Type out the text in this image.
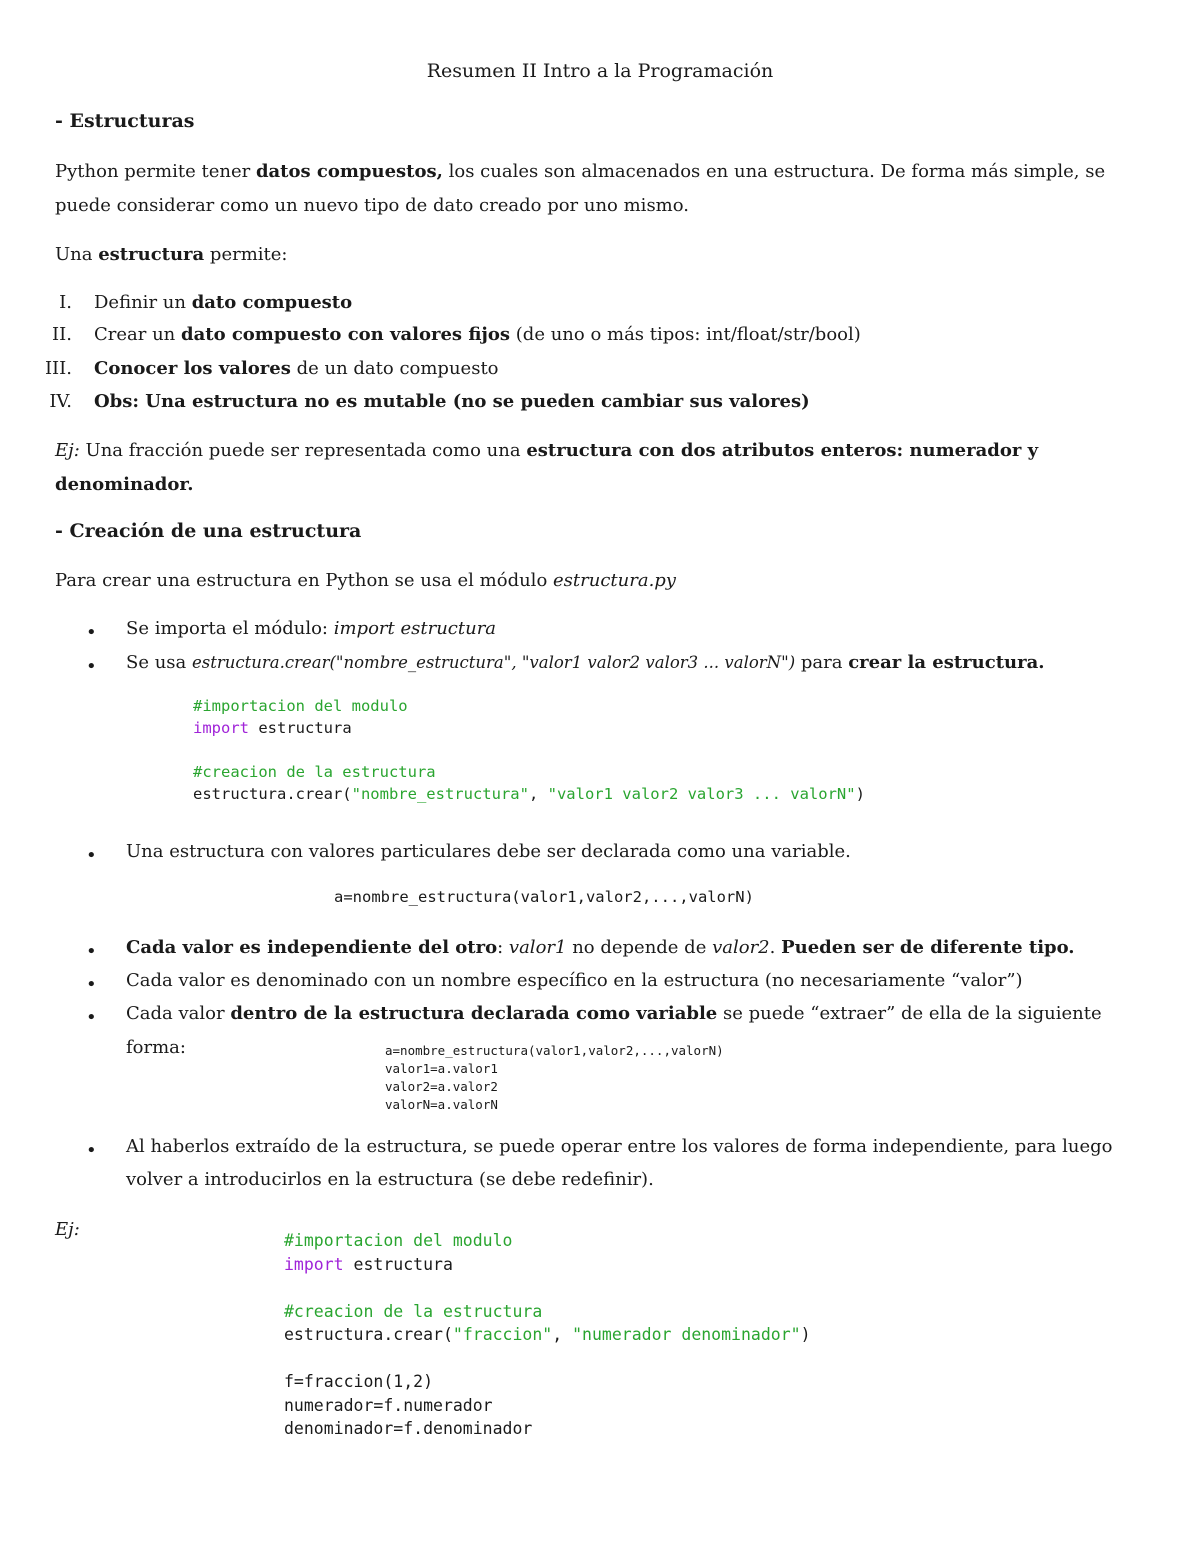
Resumen II Intro a la Programación
- Estructuras
Python permite tener datos compuestos, los cuales son almacenados en una estructura. De forma más simple, se
puede considerar como un nuevo tipo de dato creado por uno mismo.
Una estructura permite:
I. Definir un dato compuesto
II. Crear un dato compuesto con valores fijos (de uno o más tipos: int/float/str/bool)
III. Conocer los valores de un dato compuesto
IV. Obs: Una estructura no es mutable (no se pueden cambiar sus valores)
Ej: Una fracción puede ser representada como una estructura con dos atributos enteros: numerador y
denominador.
- Creación de una estructura
Para crear una estructura en Python se usa el módulo estructura.py
• Se importa el módulo: import estructura
• Se usa estructura.crear("nombre_estructura", "valor1 valor2 valor3 ... valorN") para crear la estructura.
#importacion del modulo
import estructura

#creacion de la estructura
estructura.crear("nombre_estructura", "valor1 valor2 valor3 ... valorN")
• Una estructura con valores particulares debe ser declarada como una variable.
a=nombre_estructura(valor1,valor2,...,valorN)
• Cada valor es independiente del otro: valor1 no depende de valor2. Pueden ser de diferente tipo.
• Cada valor es denominado con un nombre específico en la estructura (no necesariamente “valor”)
• Cada valor dentro de la estructura declarada como variable se puede “extraer” de ella de la siguiente
forma:	a=nombre_estructura(valor1,valor2,...,valorN)
valor1=a.valor1
valor2=a.valor2
valorN=a.valorN
• Al haberlos extraído de la estructura, se puede operar entre los valores de forma independiente, para luego
volver a introducirlos en la estructura (se debe redefinir).
Ej:
#importacion del modulo
import estructura

#creacion de la estructura
estructura.crear("fraccion", "numerador denominador")

f=fraccion(1,2)
numerador=f.numerador
denominador=f.denominador
